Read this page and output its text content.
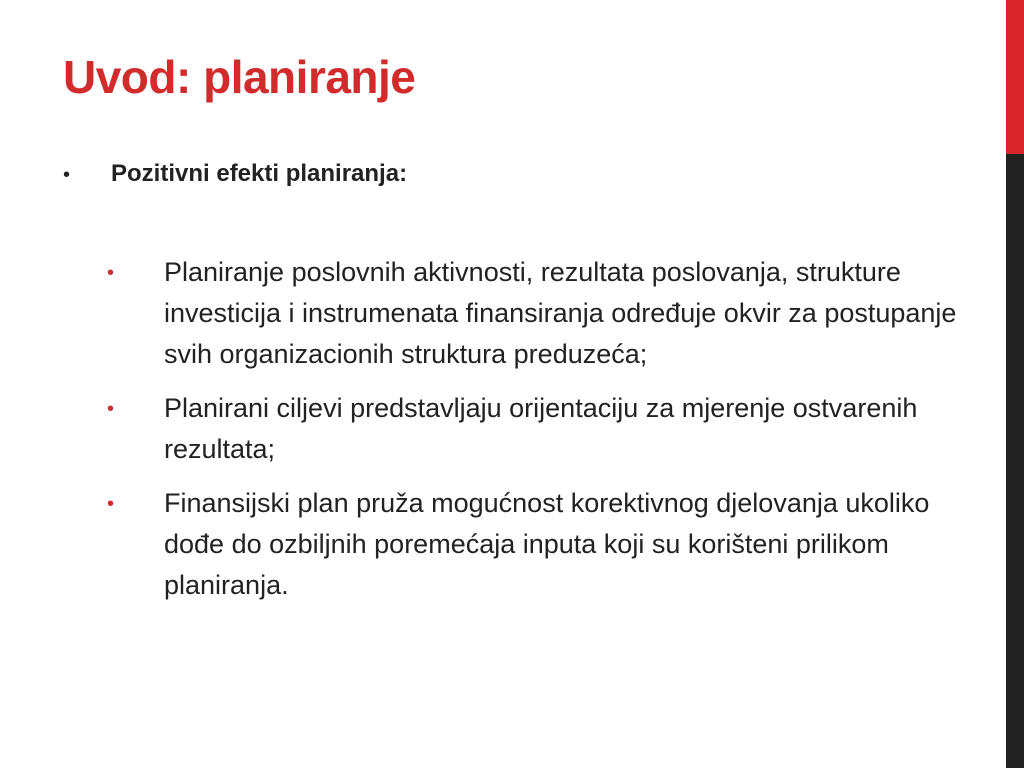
Uvod: planiranje
•	Pozitivni efekti planiranja:
•	Planiranje poslovnih aktivnosti, rezultata poslovanja, strukture investicija i instrumenata finansiranja određuje okvir za postupanje svih organizacionih struktura preduzeća;
•	Planirani ciljevi predstavljaju orijentaciju za mjerenje ostvarenih rezultata;
•	Finansijski plan pruža mogućnost korektivnog djelovanja ukoliko dođe do ozbiljnih poremećaja inputa koji su korišteni prilikom planiranja.
